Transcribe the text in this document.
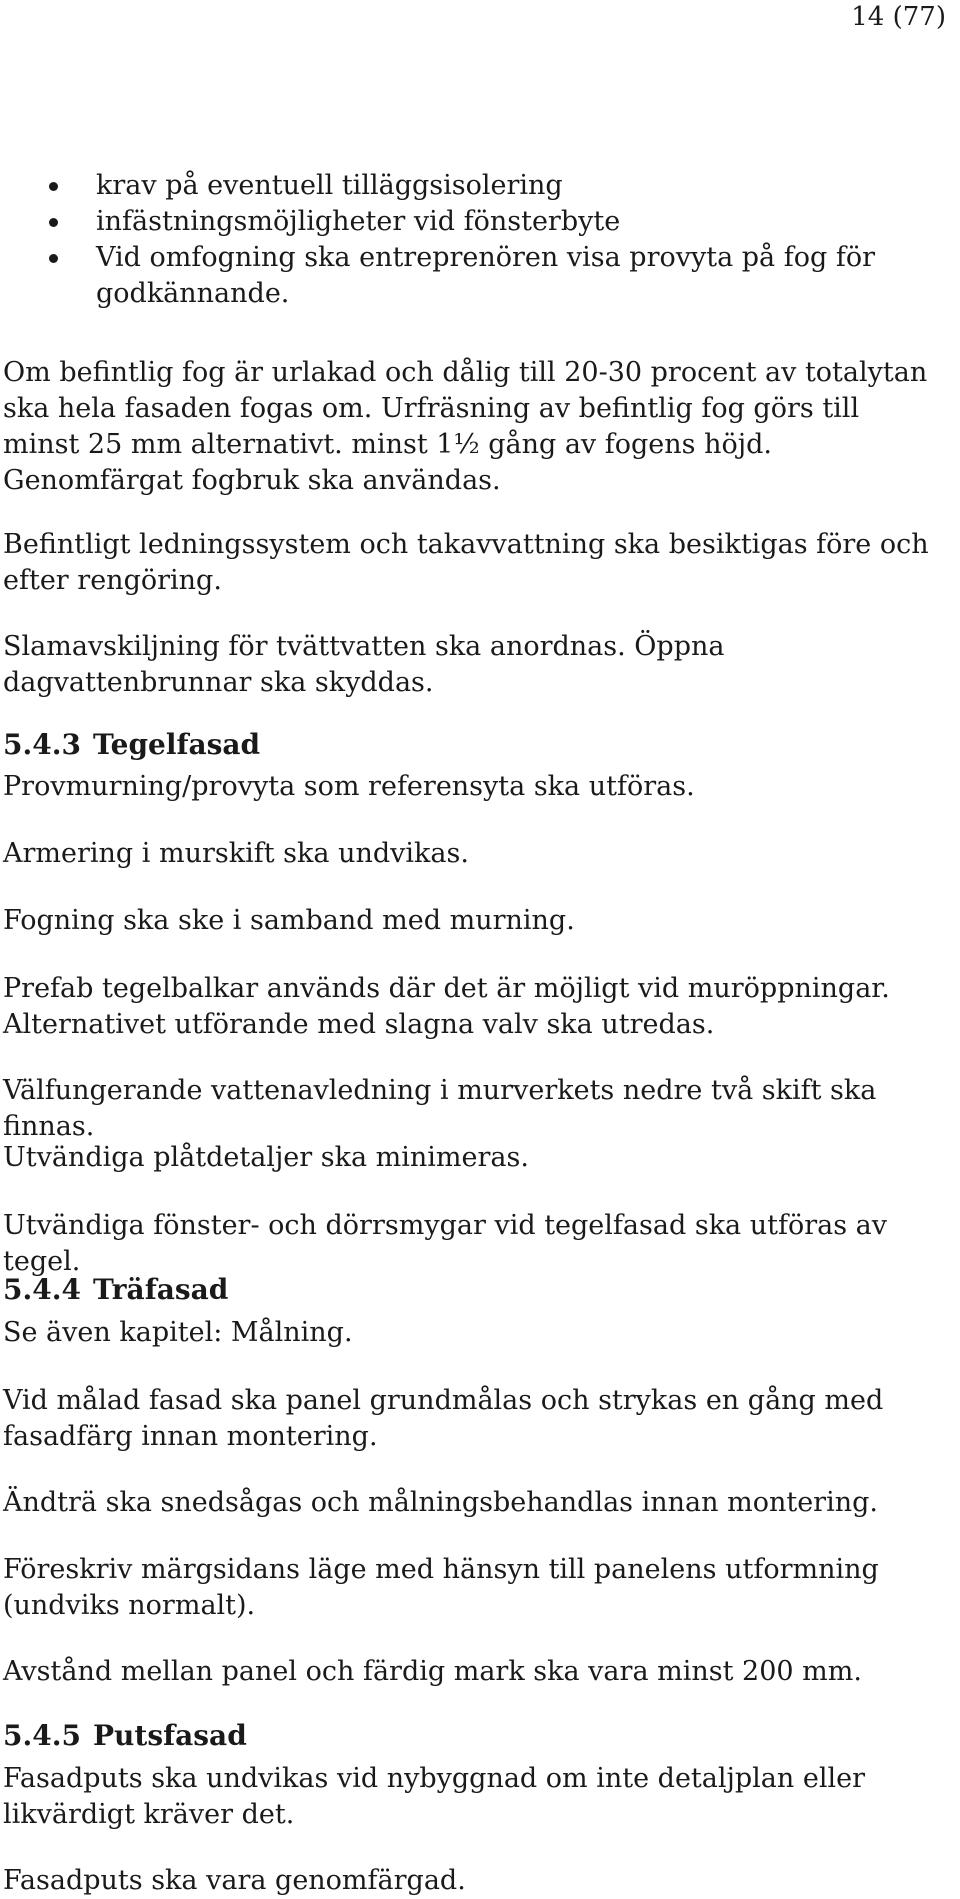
14 (77)
krav på eventuell tilläggsisolering
infästningsmöjligheter vid fönsterbyte
Vid omfogning ska entreprenören visa provyta på fog för godkännande.

Om befintlig fog är urlakad och dålig till 20-30 procent av totalytan ska hela fasaden fogas om. Urfräsning av befintlig fog görs till minst 25 mm alternativt. minst 1½ gång av fogens höjd. Genomfärgat fogbruk ska användas.

Befintligt ledningssystem och takavvattning ska besiktigas före och efter rengöring.

Slamavskiljning för tvättvatten ska anordnas. Öppna dagvattenbrunnar ska skyddas.

5.4.3 Tegelfasad

Provmurning/provyta som referensyta ska utföras.

Armering i murskift ska undvikas.

Fogning ska ske i samband med murning.

Prefab tegelbalkar används där det är möjligt vid muröppningar. Alternativet utförande med slagna valv ska utredas.

Välfungerande vattenavledning i murverkets nedre två skift ska finnas.

Utvändiga plåtdetaljer ska minimeras.

Utvändiga fönster- och dörrsmygar vid tegelfasad ska utföras av tegel.

5.4.4 Träfasad

Se även kapitel: Målning.

Vid målad fasad ska panel grundmålas och strykas en gång med fasadfärg innan montering.

Ändträ ska snedsågas och målningsbehandlas innan montering.

Föreskriv märgsidans läge med hänsyn till panelens utformning (undviks normalt).

Avstånd mellan panel och färdig mark ska vara minst 200 mm.

5.4.5 Putsfasad

Fasadputs ska undvikas vid nybyggnad om inte detaljplan eller likvärdigt kräver det.

Fasadputs ska vara genomfärgad.
